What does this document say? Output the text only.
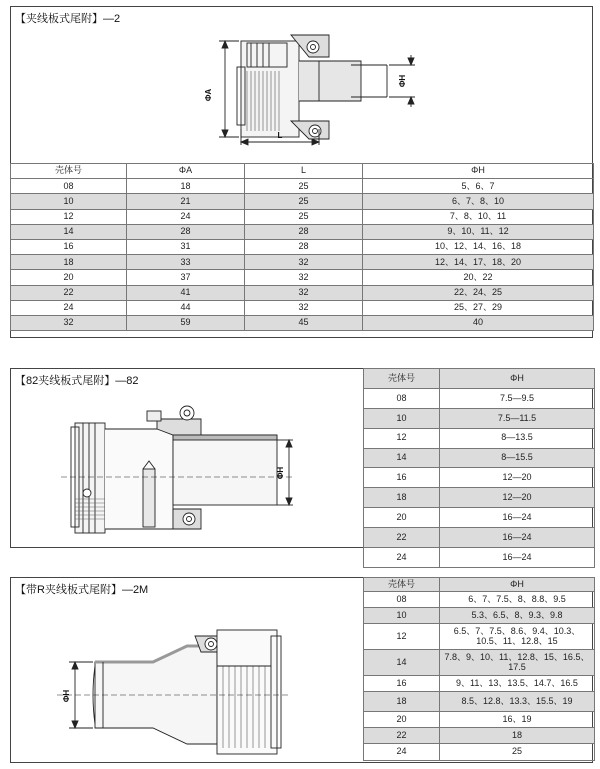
【夹线板式尾附】—2
ΦA
L
ΦH
壳体号	ΦA	L	ΦH
08	18	25	5、6、7
10	21	25	6、7、8、10
12	24	25	7、8、10、11
14	28	28	9、10、11、12
16	31	28	10、12、14、16、18
18	33	32	12、14、17、18、20
20	37	32	20、22
22	41	32	22、24、25
24	44	32	25、27、29
32	59	45	40
【82夹线板式尾附】—82
ΦH
壳体号	ΦH
08	7.5—9.5
10	7.5—11.5
12	8—13.5
14	8—15.5
16	12—20
18	12—20
20	16—24
22	16—24
24	16—24
【带R夹线板式尾附】—2M
ΦH
壳体号	ΦH
08	6、7、7.5、8、8.8、9.5
10	5.3、6.5、8、9.3、9.8
12	6.5、7、7.5、8.6、9.4、10.3、10.5、11、12.8、15
14	7.8、9、10、11、12.8、15、16.5、17.5
16	9、11、13、13.5、14.7、16.5
18	8.5、12.8、13.3、15.5、19
20	16、19
22	18
24	25
